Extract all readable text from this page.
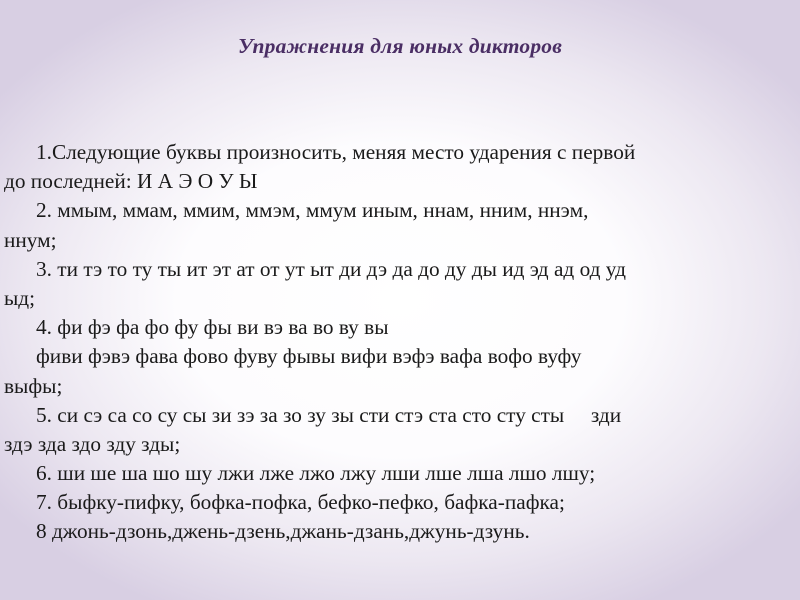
Упражнения для юных дикторов
1.Следующие буквы произносить, меняя место ударения с первой
до последней: И А Э О У Ы
2. ммым, ммам, ммим, ммэм, ммум иным, ннам, нним, ннэм,
ннум;
3. ти тэ то ту ты ит эт ат от ут ыт ди дэ да до ду ды ид эд ад од уд
ыд;
4. фи фэ фа фо фу фы ви вэ ва во ву вы
фиви фэвэ фава фово фуву фывы вифи вэфэ вафа вофо вуфу
выфы;
5. си сэ са со су сы зи зэ за зо зу зы сти стэ ста сто сту сты     зди
здэ зда здо зду зды;
6. ши ше ша шо шу лжи лже лжо лжу лши лше лша лшо лшу;
7. быфку-пифку, бофка-пофка, бефко-пефко, бафка-пафка;
8 джонь-дзонь,джень-дзень,джань-дзань,джунь-дзунь.
